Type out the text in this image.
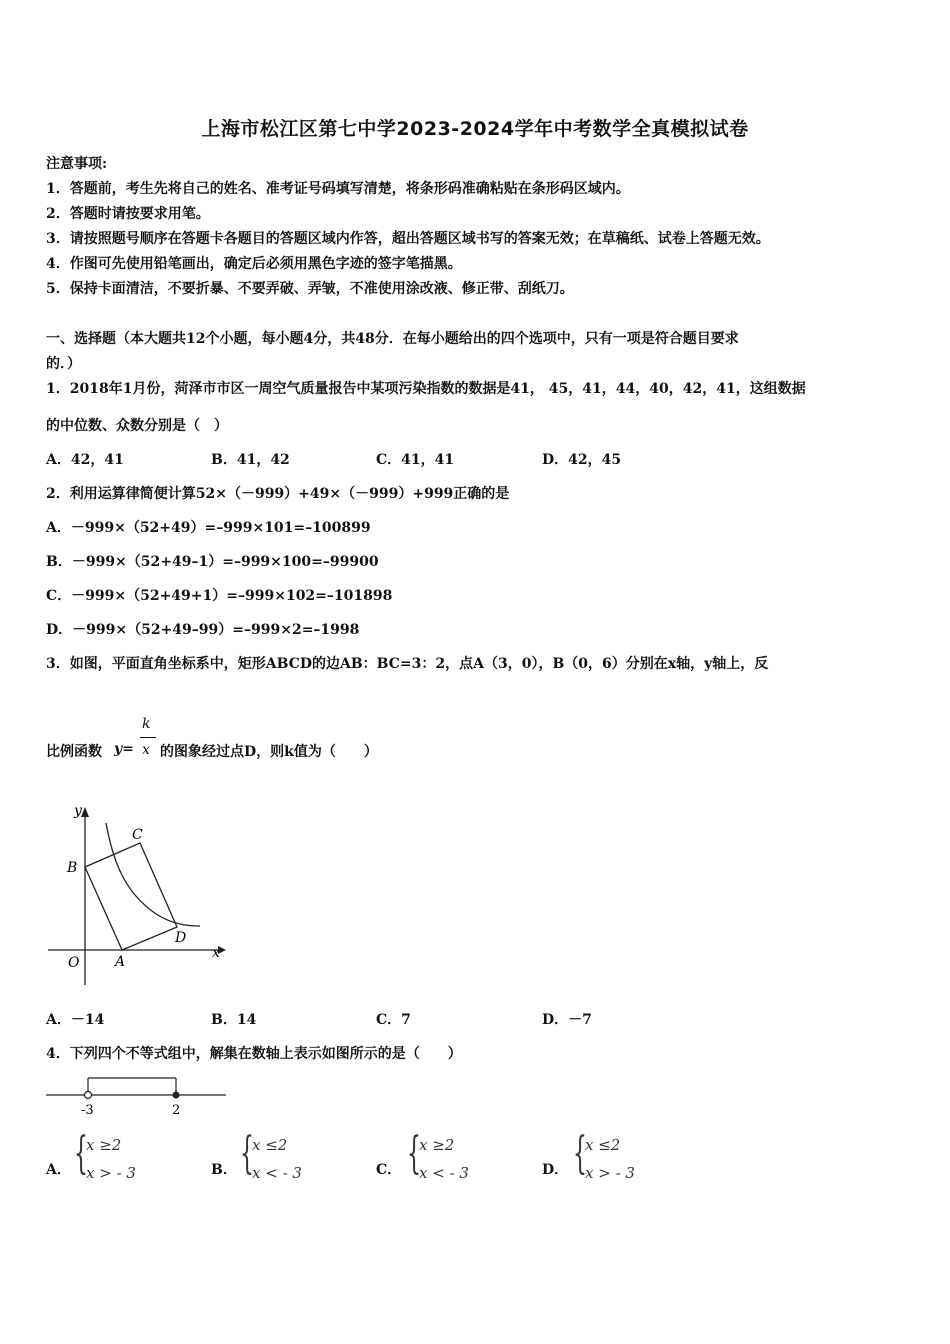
上海市松江区第七中学2023-2024学年中考数学全真模拟试卷
注意事项:
1．答题前，考生先将自己的姓名、准考证号码填写清楚，将条形码准确粘贴在条形码区域内。
2．答题时请按要求用笔。
3．请按照题号顺序在答题卡各题目的答题区域内作答，超出答题区域书写的答案无效；在草稿纸、试卷上答题无效。
4．作图可先使用铅笔画出，确定后必须用黑色字迹的签字笔描黑。
5．保持卡面清洁，不要折暴、不要弄破、弄皱，不准使用涂改液、修正带、刮纸刀。
一、选择题（本大题共12个小题，每小题4分，共48分．在每小题给出的四个选项中，只有一项是符合题目要求
的．）
1．2018年1月份，菏泽市市区一周空气质量报告中某项污染指数的数据是41， 45，41，44，40，42，41，这组数据
的中位数、众数分别是（　）
A．42，41	B．41，42	C．41，41	D．42，45
2．利用运算律简便计算52×（－999）+49×（－999）+999正确的是
A．－999×（52+49）=–999×101=–100899
B．－999×（52+49–1）=–999×100=–99900
C．－999×（52+49+1）=–999×102=–101898
D．－999×（52+49–99）=–999×2=–1998
3．如图，平面直角坐标系中，矩形ABCD的边AB：BC=3：2，点A（3，0），B（0，6）分别在x轴，y轴上，反
比例函数 y=
k
x 的图象经过点D，则k值为（　　）
y
x
O	A
B
C
D
A．－14	B．14	C．7	D．－7
4．下列四个不等式组中，解集在数轴上表示如图所示的是（　　）
-3	2
A． {
x ≥2
x > - 3	B． {
x ≤2
x < - 3	C． {
x ≥2
x < - 3	D． {
x ≤2
x > - 3
